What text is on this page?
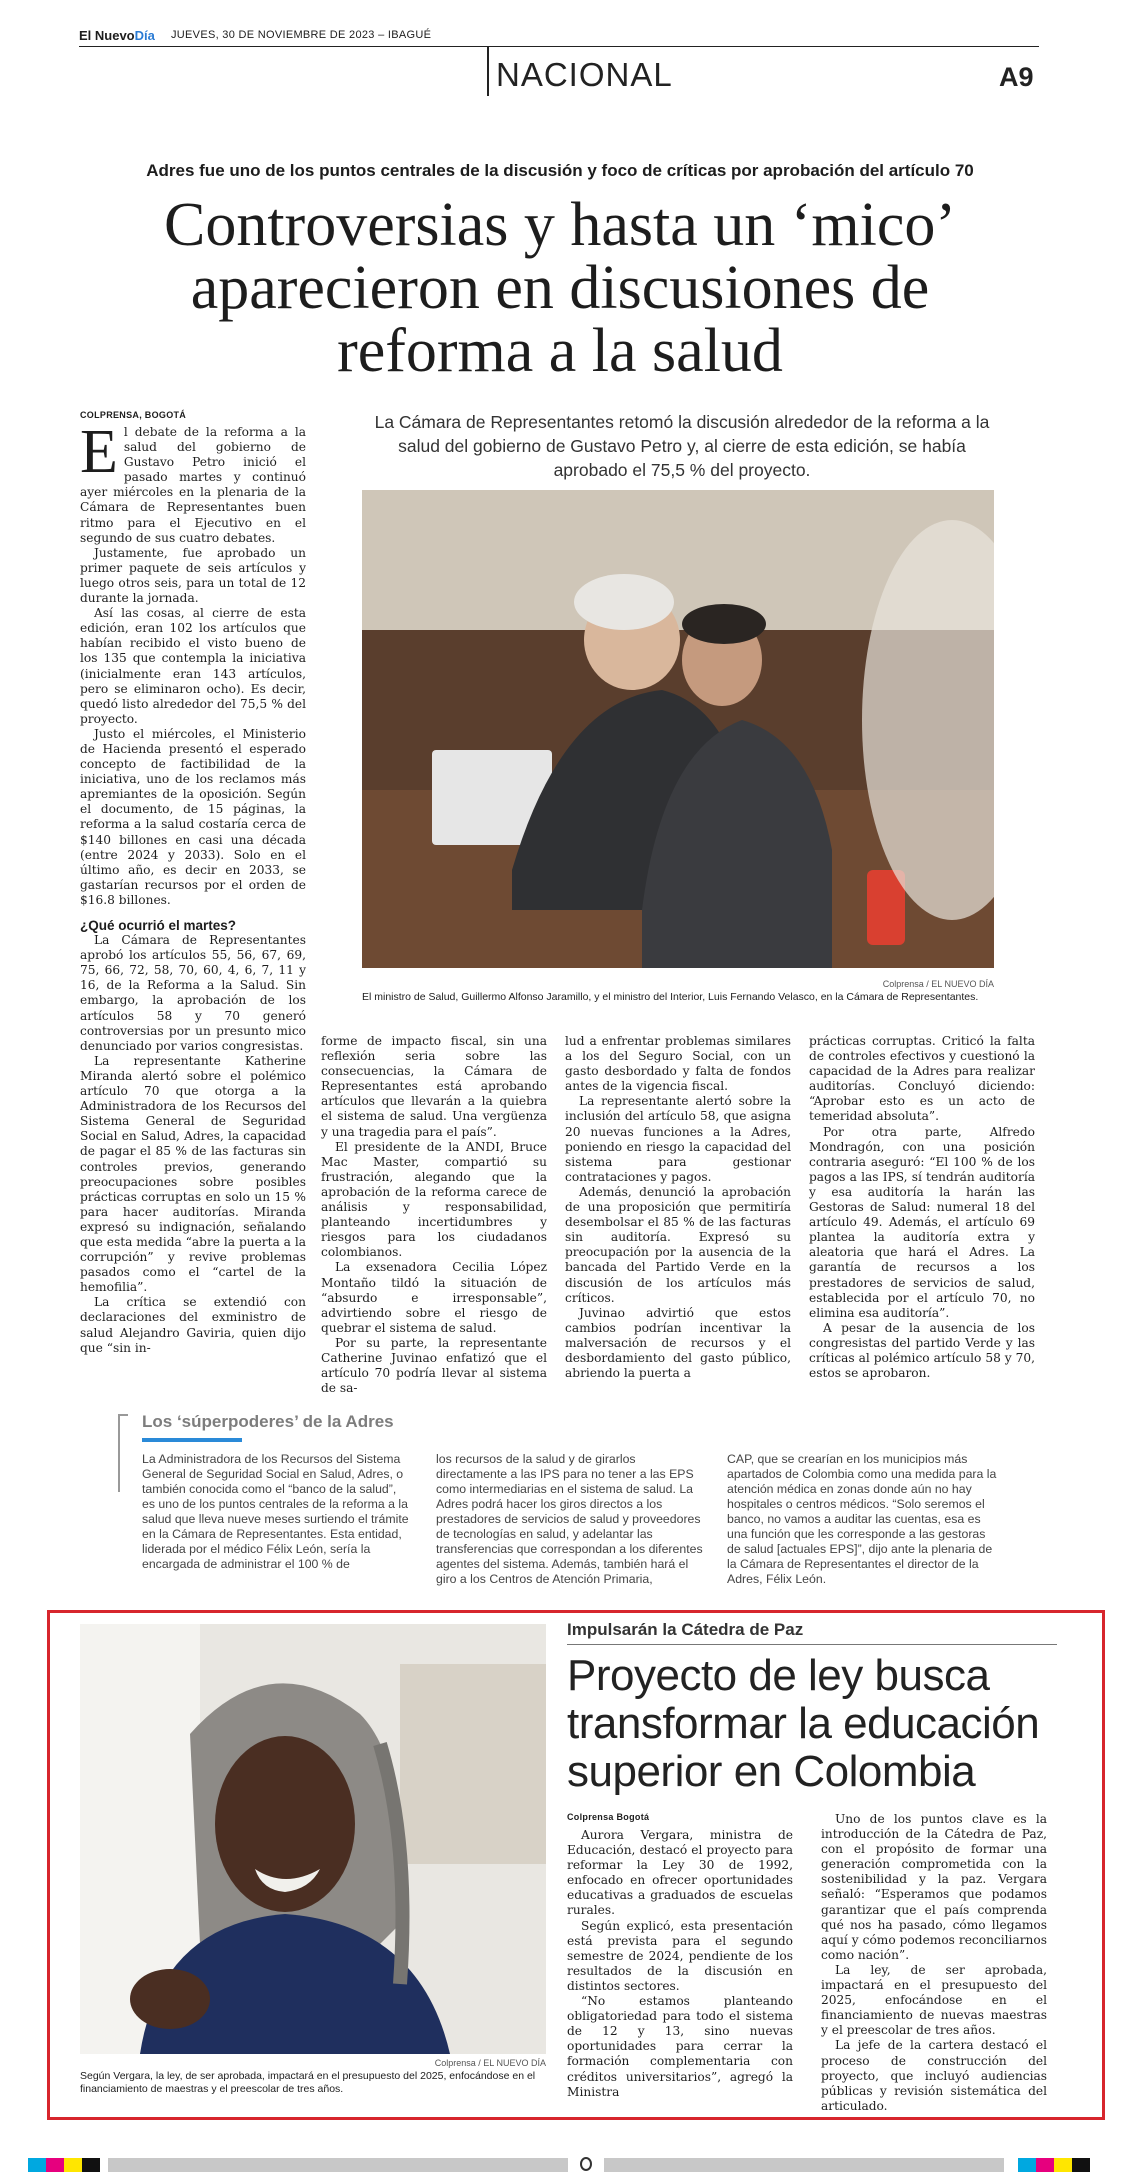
El NuevoDía JUEVES, 30 DE NOVIEMBRE DE 2023 – IBAGUÉ
NACIONAL	A9
Adres fue uno de los puntos centrales de la discusión y foco de críticas por aprobación del artículo 70
Controversias y hasta un ‘mico’
aparecieron en discusiones de
reforma a la salud
COLPRENSA, BOGOTÁ

El debate de la reforma a la salud del gobierno de Gustavo Petro inició el pasado martes y continuó ayer miércoles en la plenaria de la Cámara de Representantes buen ritmo para el Ejecutivo en el segundo de sus cuatro debates.

Justamente, fue aprobado un primer paquete de seis artículos y luego otros seis, para un total de 12 durante la jornada.

Así las cosas, al cierre de esta edición, eran 102 los artículos que habían recibido el visto bueno de los 135 que contempla la iniciativa (inicialmente eran 143 artículos, pero se eliminaron ocho). Es decir, quedó listo alrededor del 75,5 % del proyecto.

Justo el miércoles, el Ministerio de Hacienda presentó el esperado concepto de factibilidad de la iniciativa, uno de los reclamos más apremiantes de la oposición. Según el documento, de 15 páginas, la reforma a la salud costaría cerca de $140 billones en casi una década (entre 2024 y 2033). Solo en el último año, es decir en 2033, se gastarían recursos por el orden de $16.8 billones.

¿Qué ocurrió el martes?

La Cámara de Representantes aprobó los artículos 55, 56, 67, 69, 75, 66, 72, 58, 70, 60, 4, 6, 7, 11 y 16, de la Reforma a la Salud. Sin embargo, la aprobación de los artículos 58 y 70 generó controversias por un presunto mico denunciado por varios congresistas.

La representante Katherine Miranda alertó sobre el polémico artículo 70 que otorga a la Administradora de los Recursos del Sistema General de Seguridad Social en Salud, Adres, la capacidad de pagar el 85 % de las facturas sin controles previos, generando preocupaciones sobre posibles prácticas corruptas en solo un 15 % para hacer auditorías. Miranda expresó su indignación, señalando que esta medida “abre la puerta a la corrupción” y revive problemas pasados como el “cartel de la hemofilia”.

La crítica se extendió con declaraciones del exministro de salud Alejandro Gaviria, quien dijo que “sin in-

La Cámara de Representantes retomó la discusión alrededor de la reforma a la salud del gobierno de Gustavo Petro y, al cierre de esta edición, se había aprobado el 75,5 % del proyecto.
Colprensa / EL NUEVO DÍA
El ministro de Salud, Guillermo Alfonso Jaramillo, y el ministro del Interior, Luis Fernando Velasco, en la Cámara de Representantes.

forme de impacto fiscal, sin una reflexión seria sobre las consecuencias, la Cámara de Representantes está aprobando artículos que llevarán a la quiebra el sistema de salud. Una vergüenza y una tragedia para el país”.

El presidente de la ANDI, Bruce Mac Master, compartió su frustración, alegando que la aprobación de la reforma carece de análisis y responsabilidad, planteando incertidumbres y riesgos para los ciudadanos colombianos.

La exsenadora Cecilia López Montaño tildó la situación de “absurdo e irresponsable”, advirtiendo sobre el riesgo de quebrar el sistema de salud.

Por su parte, la representante Catherine Juvinao enfatizó que el artículo 70 podría llevar al sistema de sa-

lud a enfrentar problemas similares a los del Seguro Social, con un gasto desbordado y falta de fondos antes de la vigencia fiscal.

La representante alertó sobre la inclusión del artículo 58, que asigna 20 nuevas funciones a la Adres, poniendo en riesgo la capacidad del sistema para gestionar contrataciones y pagos.

Además, denunció la aprobación de una proposición que permitiría desembolsar el 85 % de las facturas sin auditoría. Expresó su preocupación por la ausencia de la bancada del Partido Verde en la discusión de los artículos más críticos.

Juvinao advirtió que estos cambios podrían incentivar la malversación de recursos y el desbordamiento del gasto público, abriendo la puerta a

prácticas corruptas. Criticó la falta de controles efectivos y cuestionó la capacidad de la Adres para realizar auditorías. Concluyó diciendo: “Aprobar esto es un acto de temeridad absoluta”.

Por otra parte, Alfredo Mondragón, con una posición contraria aseguró: “El 100 % de los pagos a las IPS, sí tendrán auditoría y esa auditoría la harán las Gestoras de Salud: numeral 18 del artículo 49. Además, el artículo 69 plantea la auditoría extra y aleatoria que hará el Adres. La garantía de recursos a los prestadores de servicios de salud, establecida por el artículo 70, no elimina esa auditoría”.

A pesar de la ausencia de los congresistas del partido Verde y las críticas al polémico artículo 58 y 70, estos se aprobaron.

Los ‘súperpoderes’ de la Adres
La Administradora de los Recursos del Sistema General de Seguridad Social en Salud, Adres, o también conocida como el “banco de la salud”, es uno de los puntos centrales de la reforma a la salud que lleva nueve meses surtiendo el trámite en la Cámara de Representantes. Esta entidad, liderada por el médico Félix León, sería la encargada de administrar el 100 % de
los recursos de la salud y de girarlos directamente a las IPS para no tener a las EPS como intermediarias en el sistema de salud. La Adres podrá hacer los giros directos a los prestadores de servicios de salud y proveedores de tecnologías en salud, y adelantar las transferencias que correspondan a los diferentes agentes del sistema. Además, también hará el giro a los Centros de Atención Primaria,
CAP, que se crearían en los municipios más apartados de Colombia como una medida para la atención médica en zonas donde aún no hay hospitales o centros médicos. “Solo seremos el banco, no vamos a auditar las cuentas, esa es una función que les corresponde a las gestoras de salud [actuales EPS]”, dijo ante la plenaria de la Cámara de Representantes el director de la Adres, Félix León.
Colprensa / EL NUEVO DÍA
Según Vergara, la ley, de ser aprobada, impactará en el presupuesto del 2025, enfocándose en el financiamiento de maestras y el preescolar de tres años.
Impulsarán la Cátedra de Paz
Proyecto de ley busca transformar la educación superior en Colombia
Colprensa Bogotá

Aurora Vergara, ministra de Educación, destacó el proyecto para reformar la Ley 30 de 1992, enfocado en ofrecer oportunidades educativas a graduados de escuelas rurales.

Según explicó, esta presentación está prevista para el segundo semestre de 2024, pendiente de los resultados de la discusión en distintos sectores.

“No estamos planteando obligatoriedad para todo el sistema de 12 y 13, sino nuevas oportunidades para cerrar la formación complementaria con créditos universitarios”, agregó la Ministra

Uno de los puntos clave es la introducción de la Cátedra de Paz, con el propósito de formar una generación comprometida con la sostenibilidad y la paz. Vergara señaló: “Esperamos que podamos garantizar que el país comprenda qué nos ha pasado, cómo llegamos aquí y cómo podemos reconciliarnos como nación”.

La ley, de ser aprobada, impactará en el presupuesto del 2025, enfocándose en el financiamiento de nuevas maestras y el preescolar de tres años.

La jefe de la cartera destacó el proceso de construcción del proyecto, que incluyó audiencias públicas y revisión sistemática del articulado.
